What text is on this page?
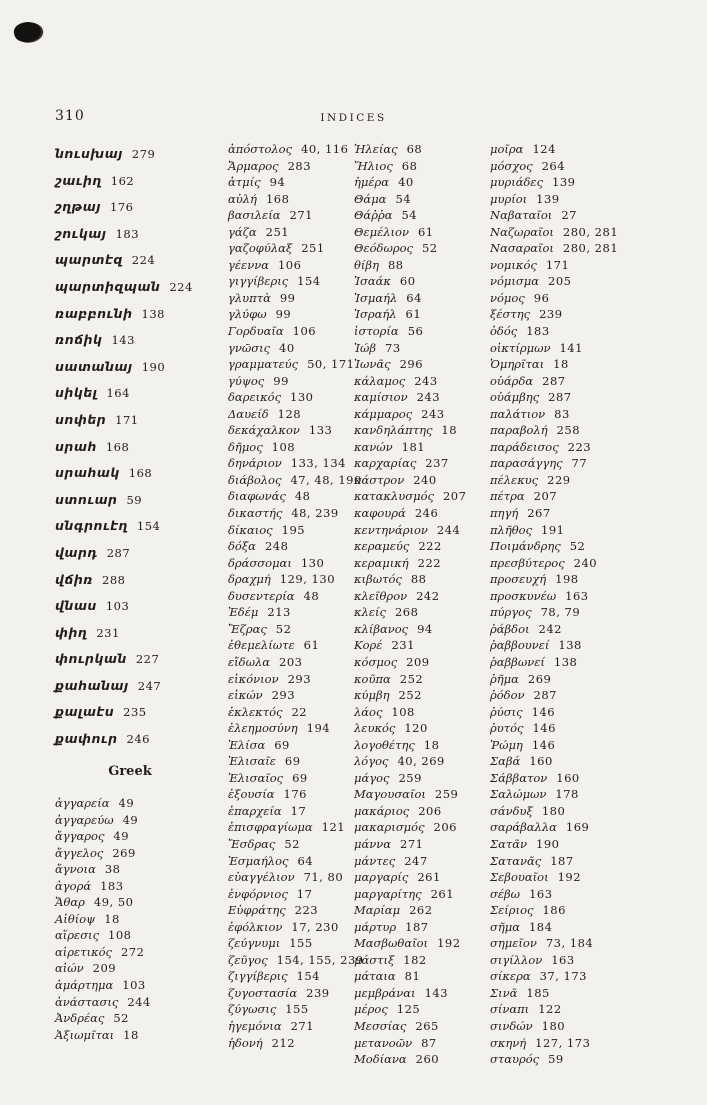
310	INDICES
նուսխայ 279
շաւիղ 162
շղթայ 176
շուկայ 183
պարտէզ 224
պարտիզպան 224
ռաբբունի 138
ռոճիկ 143
սատանայ 190
սիկել 164
սոփեր 171
սրահ 168
սրահակ 168
ստուար 59
սնգրուէղ 154
վարդ 287
վճիռ 288
վնաս 103
փիղ 231
փուրկան 227
քահանայ 247
քալաէս 235
քափուր 246
Greek
ἀγγαρεία 49
ἀγγαρεύω 49
ἄγγαρος 49
ἄγγελος 269
ἄγνοια 38
ἀγορά 183
Ἄθαρ 49, 50
Αἰθίοψ 18
αἵρεσις 108
αἱρετικός 272
αἰών 209
ἁμάρτημα 103
ἀνάστασις 244
Ἀνδρέας 52
Ἀξιωμῖται 18
ἀπόστολος 40, 116
Ἄρμαρος 283
ἀτμίς 94
αὐλή 168
βασιλεία 271
γάζα 251
γαζοφύλαξ 251
γέεννα 106
γιγγίβερις 154
γλυπτὰ 99
γλύφω 99
Γορδυαῖα 106
γνῶσις 40
γραμματεύς 50, 171
γύψος 99
δαρεικός 130
Δαυείδ 128
δεκάχαλκον 133
δῆμος 108
δηνάριον 133, 134
διάβολος 47, 48, 190
διαφωνάς 48
δικαστής 48, 239
δίκαιος 195
δόξα 248
δράσσομαι 130
δραχμή 129, 130
δυσεντερία 48
Ἐδέμ 213
Ἔζρας 52
ἐθεμελίωτε 61
εἴδωλα 203
εἰκόνιον 293
εἰκών 293
ἐκλεκτός 22
ἐλεημοσύνη 194
Ἐλίσα 69
Ἐλισαῖε 69
Ἐλισαῖος 69
ἐξουσία 176
ἐπαρχεία 17
ἐπισφραγίωμα 121
Ἔσδρας 52
Ἐσμαήλος 64
εὐαγγέλιον 71, 80
ἐνφόρνιος 17
Εὐφράτης 223
ἐφόλκιον 17, 230
ζεύγνυμι 155
ζεῦγος 154, 155, 239
ζιγγίβερις 154
ζυγοστασία 239
ζύγωσις 155
ἡγεμόνια 271
ἡδονή 212
Ἡλείας 68
Ἥλιος 68
ἡμέρα 40
Θάμα 54
Θάῤῥα 54
Θεμέλιον 61
Θεόδωρος 52
θίβη 88
Ἰσαάκ 60
Ἰσμαήλ 64
Ἰσραήλ 61
ἱστορία 56
Ἰώβ 73
Ἰωνᾶς 296
κάλαμος 243
καμίσιον 243
κάμμαρος 243
κανδηλάπτης 18
κανών 181
καρχαρίας 237
κάστρον 240
κατακλυσμός 207
καφουρά 246
κεντηνάριον 244
κεραμεύς 222
κεραμική 222
κιβωτός 88
κλεῖθρον 242
κλείς 268
κλίβανος 94
Κορέ 231
κόσμος 209
κοῦπα 252
κύμβη 252
λάος 108
λευκός 120
λογοθέτης 18
λόγος 40, 269
μάγος 259
Μαγουσαῖοι 259
μακάριος 206
μακαρισμός 206
μάννα 271
μάντες 247
μαργαρίς 261
μαργαρίτης 261
Μαρίαμ 262
μάρτυρ 187
Μασβωθαῖοι 192
μάστιξ 182
μάταια 81
μεμβράναι 143
μέρος 125
Μεσσίας 265
μετανοῶν 87
Μοδίανα 260
μοῖρα 124
μόσχος 264
μυριάδες 139
μυρίοι 139
Ναβαταῖοι 27
Ναζωραῖοι 280, 281
Νασαραῖοι 280, 281
νομικός 171
νόμισμα 205
νόμος 96
ξέστης 239
ὁδός 183
οἰκτίρμων 141
Ὁμηρῖται 18
οὐάρδα 287
οὐάμβης 287
παλάτιον 83
παραβολή 258
παράδεισος 223
παρασάγγης 77
πέλεκυς 229
πέτρα 207
πηγή 267
πλῆθος 191
Ποιμάνδρης 52
πρεσβύτερος 240
προσευχή 198
προσκυνέω 163
πύργος 78, 79
ῥάβδοι 242
ῥαββουνεί 138
ῥαββωνεί 138
ῥῆμα 269
ῥόδον 287
ῥύσις 146
ῥυτός 146
Ῥώμη 146
Σαβά 160
Σάββατον 160
Σαλώμων 178
σάνδυξ 180
σαράβαλλα 169
Σατᾶν 190
Σατανᾶς 187
Σεβουαῖοι 192
σέβω 163
Σείριος 186
σῆμα 184
σημεῖον 73, 184
σιγίλλον 163
σίκερα 37, 173
Σινᾶ 185
σίναπι 122
σινδών 180
σκηνή 127, 173
σταυρός 59
